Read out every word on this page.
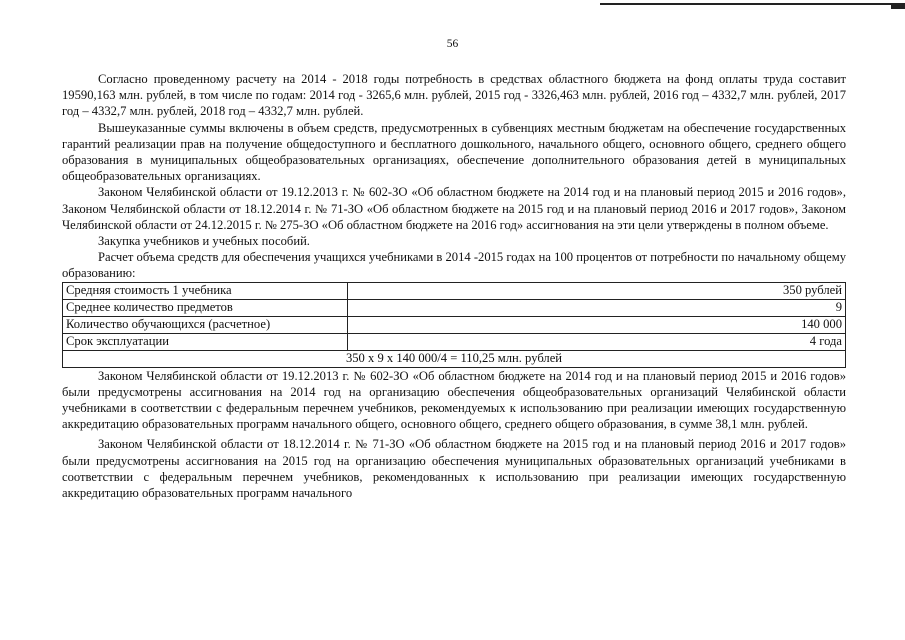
56

Согласно проведенному расчету на 2014 - 2018 годы потребность в средствах областного бюджета на фонд оплаты труда составит 19590,163 млн. рублей, в том числе по годам: 2014 год - 3265,6 млн. рублей, 2015 год - 3326,463 млн. рублей, 2016 год – 4332,7 млн. рублей, 2017 год – 4332,7 млн. рублей, 2018 год – 4332,7 млн. рублей.

Вышеуказанные суммы включены в объем средств, предусмотренных в субвенциях местным бюджетам на обеспечение государственных гарантий реализации прав на получение общедоступного и бесплатного дошкольного, начального общего, основного общего, среднего общего образования в муниципальных общеобразовательных организациях, обеспечение дополнительного образования детей в муниципальных общеобразовательных организациях.

Законом Челябинской области от 19.12.2013 г. № 602-ЗО «Об областном бюджете на 2014 год и на плановый период 2015 и 2016 годов», Законом Челябинской области от 18.12.2014 г. № 71-ЗО «Об областном бюджете на 2015 год и на плановый период 2016 и 2017 годов», Законом Челябинской области от 24.12.2015 г. № 275-ЗО «Об областном бюджете на 2016 год» ассигнования на эти цели утверждены в полном объеме.

Закупка учебников и учебных пособий.

Расчет объема средств для обеспечения учащихся учебниками в 2014 -2015 годах на 100 процентов от потребности по начальному общему образованию:

Средняя стоимость 1 учебника	350 рублей
Среднее количество предметов	9
Количество обучающихся (расчетное)	140 000
Срок эксплуатации	4 года
350 х 9 х 140 000/4 = 110,25 млн. рублей	

Законом Челябинской области от 19.12.2013 г. № 602-ЗО «Об областном бюджете на 2014 год и на плановый период 2015 и 2016 годов» были предусмотрены ассигнования на 2014 год на организацию обеспечения общеобразовательных организаций Челябинской области учебниками в соответствии с федеральным перечнем учебников, рекомендуемых к использованию при реализации имеющих государственную аккредитацию образовательных программ начального общего, основного общего, среднего общего образования, в сумме 38,1 млн. рублей.

Законом Челябинской области от 18.12.2014 г. № 71-ЗО «Об областном бюджете на 2015 год и на плановый период 2016 и 2017 годов» были предусмотрены ассигнования на 2015 год на организацию обеспечения муниципальных образовательных организаций учебниками в соответствии с федеральным перечнем учебников, рекомендованных к использованию при реализации имеющих государственную аккредитацию образовательных программ начального
